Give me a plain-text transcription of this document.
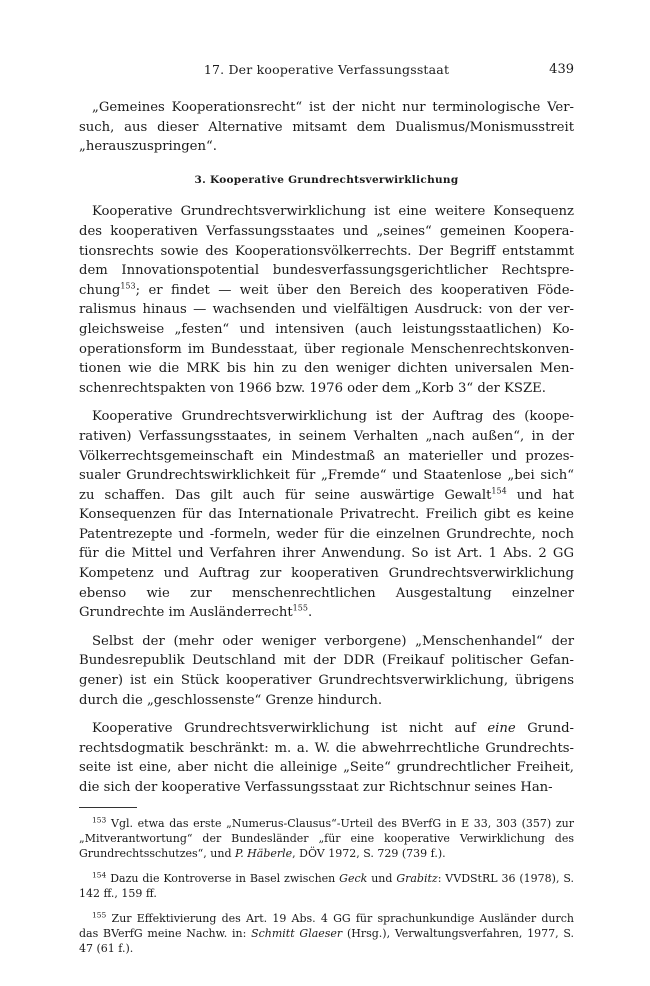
17. Der kooperative Verfassungsstaat	439

„Gemeines Kooperationsrecht“ ist der nicht nur terminologische Versuch, aus dieser Alternative mitsamt dem Dualismus/Monismusstreit „herauszuspringen“.

3. Kooperative Grundrechtsverwirklichung

Kooperative Grundrechtsverwirklichung ist eine weitere Konsequenz des kooperativen Verfassungsstaates und „seines“ gemeinen Kooperationsrechts sowie des Kooperationsvölkerrechts. Der Begriff entstammt dem Innovationspotential bundesverfassungsgerichtlicher Rechtsprechung$^{153}$; er findet — weit über den Bereich des kooperativen Föderalismus hinaus — wachsenden und vielfältigen Ausdruck: von der vergleichsweise „festen“ und intensiven (auch leistungsstaatlichen) Kooperationsform im Bundesstaat, über regionale Menschenrechtskonventionen wie die MRK bis hin zu den weniger dichten universalen Menschenrechtspakten von 1966 bzw. 1976 oder dem „Korb 3“ der KSZE.

Kooperative Grundrechtsverwirklichung ist der Auftrag des (kooperativen) Verfassungsstaates, in seinem Verhalten „nach außen“, in der Völkerrechtsgemeinschaft ein Mindestmaß an materieller und prozessualer Grundrechtswirklichkeit für „Fremde“ und Staatenlose „bei sich“ zu schaffen. Das gilt auch für seine auswärtige Gewalt$^{154}$ und hat Konsequenzen für das Internationale Privatrecht. Freilich gibt es keine Patentrezepte und -formeln, weder für die einzelnen Grundrechte, noch für die Mittel und Verfahren ihrer Anwendung. So ist Art. 1 Abs. 2 GG Kompetenz und Auftrag zur kooperativen Grundrechtsverwirklichung ebenso wie zur menschenrechtlichen Ausgestaltung einzelner Grundrechte im Ausländerrecht$^{155}$.

Selbst der (mehr oder weniger verborgene) „Menschenhandel“ der Bundesrepublik Deutschland mit der DDR (Freikauf politischer Gefangener) ist ein Stück kooperativer Grundrechtsverwirklichung, übrigens durch die „geschlossenste“ Grenze hindurch.

Kooperative Grundrechtsverwirklichung ist nicht auf eine Grundrechtsdogmatik beschränkt: m. a. W. die abwehrrechtliche Grundrechtsseite ist eine, aber nicht die alleinige „Seite“ grundrechtlicher Freiheit, die sich der kooperative Verfassungsstaat zur Richtschnur seines Han-

$^{153}$ Vgl. etwa das erste „Numerus-Clausus“-Urteil des BVerfG in E 33, 303 (357) zur „Mitverantwortung“ der Bundesländer „für eine kooperative Verwirklichung des Grundrechtsschutzes“, und P. Häberle, DÖV 1972, S. 729 (739 f.).

$^{154}$ Dazu die Kontroverse in Basel zwischen Geck und Grabitz: VVDStRL 36 (1978), S. 142 ff., 159 ff.

$^{155}$ Zur Effektivierung des Art. 19 Abs. 4 GG für sprachunkundige Ausländer durch das BVerfG meine Nachw. in: Schmitt Glaeser (Hrsg.), Verwaltungsverfahren, 1977, S. 47 (61 f.).
